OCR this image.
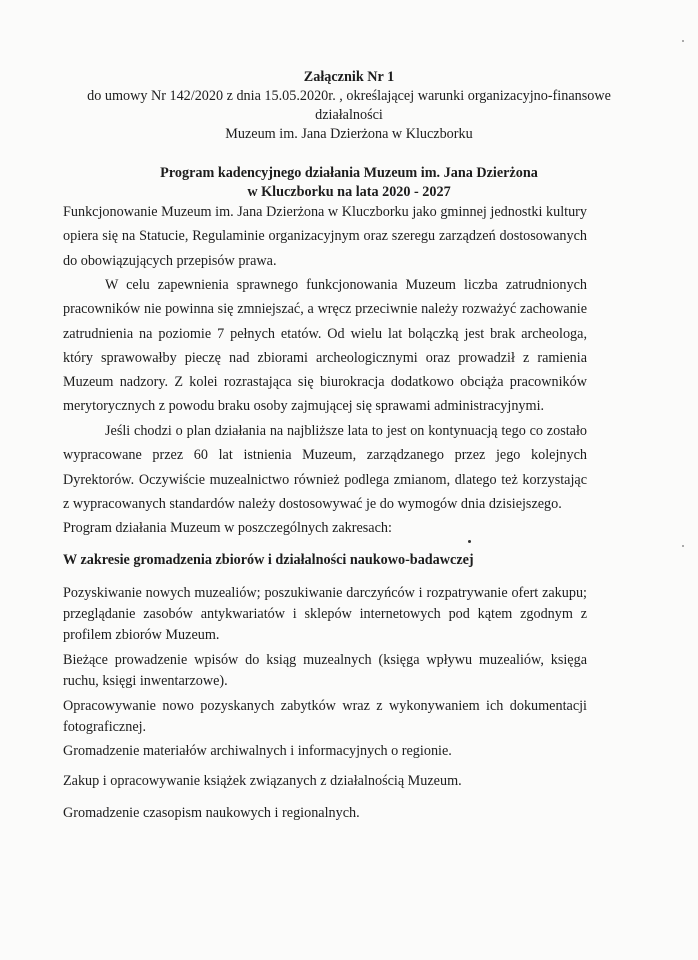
Załącznik Nr 1
do umowy Nr 142/2020 z dnia 15.05.2020r. , określającej warunki organizacyjno-finansowe
działalności
Muzeum im. Jana Dzierżona w Kluczborku
Program kadencyjnego działania Muzeum im. Jana Dzierżona
w Kluczborku na lata 2020 - 2027
Funkcjonowanie Muzeum im. Jana Dzierżona w Kluczborku jako gminnej jednostki kultury opiera się na Statucie, Regulaminie organizacyjnym oraz szeregu zarządzeń dostosowanych do obowiązujących przepisów prawa.
W celu zapewnienia sprawnego funkcjonowania Muzeum liczba zatrudnionych pracowników nie powinna się zmniejszać, a wręcz przeciwnie należy rozważyć zachowanie zatrudnienia na poziomie 7 pełnych etatów. Od wielu lat bolączką jest brak archeologa, który sprawowałby pieczę nad zbiorami archeologicznymi oraz prowadził z ramienia Muzeum nadzory. Z kolei rozrastająca się biurokracja dodatkowo obciąża pracowników merytorycznych z powodu braku osoby zajmującej się sprawami administracyjnymi.
Jeśli chodzi o plan działania na najbliższe lata to jest on kontynuacją tego co zostało wypracowane przez 60 lat istnienia Muzeum, zarządzanego przez jego kolejnych Dyrektorów. Oczywiście muzealnictwo również podlega zmianom, dlatego też korzystając z wypracowanych standardów należy dostosowywać je do wymogów dnia dzisiejszego.
Program działania Muzeum w poszczególnych zakresach:
W zakresie gromadzenia zbiorów i działalności naukowo-badawczej
Pozyskiwanie nowych muzealiów; poszukiwanie darczyńców i rozpatrywanie ofert zakupu; przeglądanie zasobów antykwariatów i sklepów internetowych pod kątem zgodnym z profilem zbiorów Muzeum.
Bieżące prowadzenie wpisów do ksiąg muzealnych (księga wpływu muzealiów, księga ruchu, księgi inwentarzowe).
Opracowywanie nowo pozyskanych zabytków wraz z wykonywaniem ich dokumentacji fotograficznej.
Gromadzenie materiałów archiwalnych i informacyjnych o regionie.
Zakup i opracowywanie książek związanych z działalnością Muzeum.
Gromadzenie czasopism naukowych i regionalnych.
